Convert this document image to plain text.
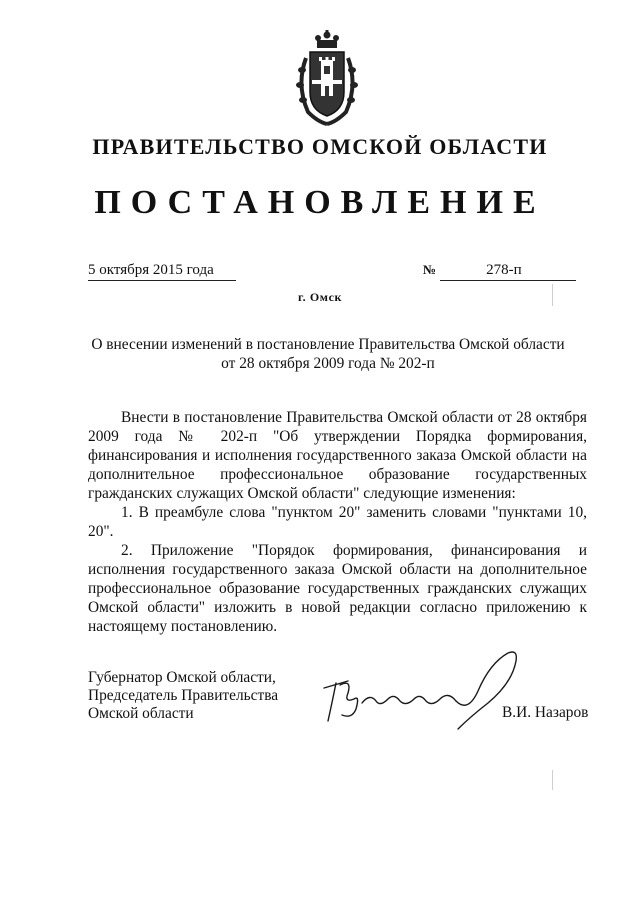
ПРАВИТЕЛЬСТВО ОМСКОЙ ОБЛАСТИ
ПОСТАНОВЛЕНИЕ
5 октября 2015 года	№	278-п
г. Омск
О внесении изменений в постановление Правительства Омской области
от 28 октября 2009 года № 202-п

Внести в постановление Правительства Омской области от 28 октября 2009 года № 202-п "Об утверждении Порядка формирования, финансирования и исполнения государственного заказа Омской области на дополнительное профессиональное образование государственных гражданских служащих Омской области" следующие изменения:

1. В преамбуле слова "пунктом 20" заменить словами "пунктами 10, 20".

2. Приложение "Порядок формирования, финансирования и исполнения государственного заказа Омской области на дополнительное профессиональное образование государственных гражданских служащих Омской области" изложить в новой редакции согласно приложению к настоящему постановлению.

Губернатор Омской области,
Председатель Правительства
Омской области	В.И. Назаров
